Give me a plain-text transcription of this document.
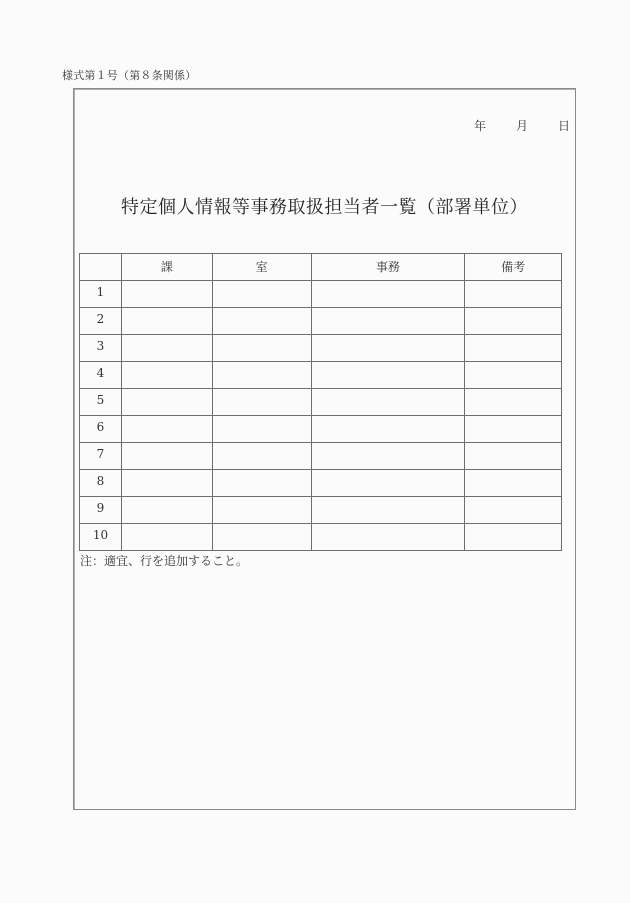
様式第１号（第８条関係）
年 月 日
特定個人情報等事務取扱担当者一覧（部署単位）
	課	室	事務	備考
1				
2				
3				
4				
5				
6				
7				
8				
9				
10				
注：適宜、行を追加すること。
